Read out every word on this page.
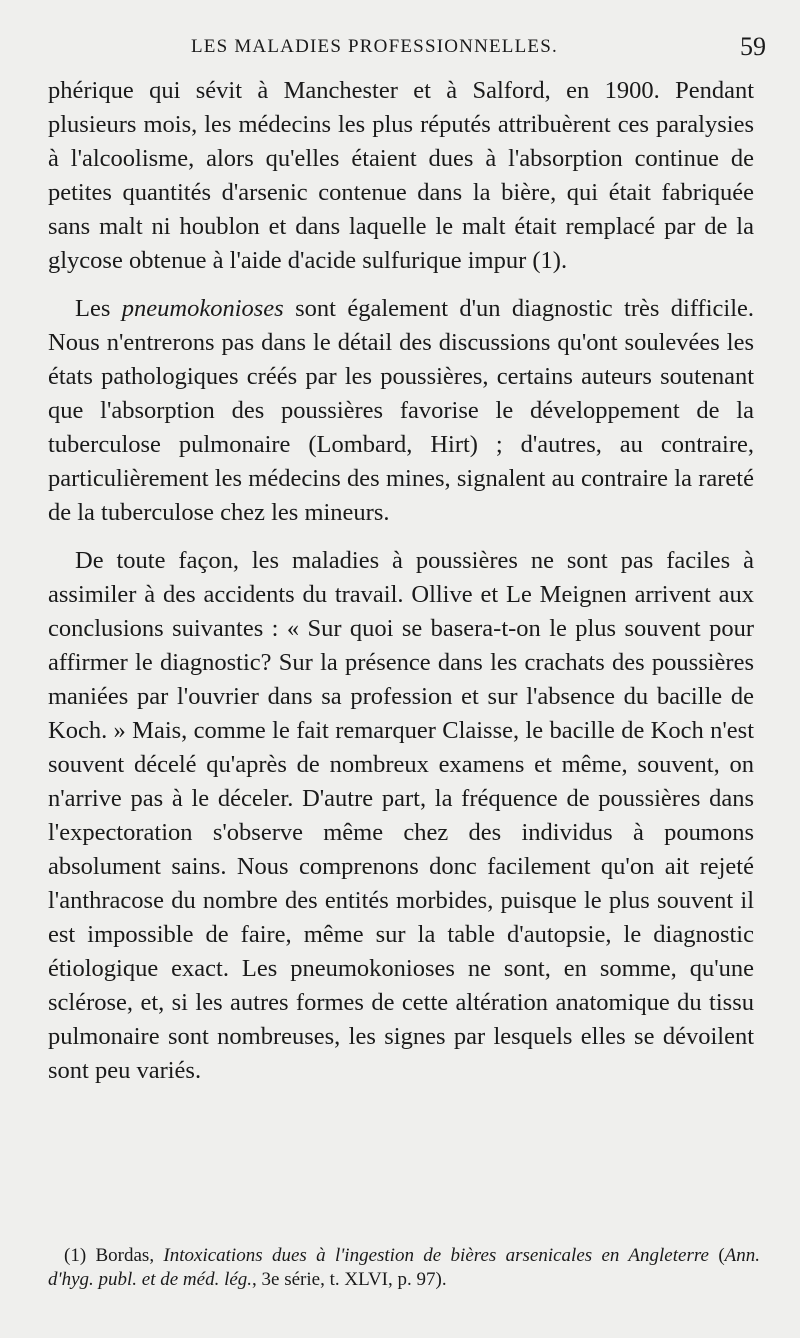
LES MALADIES PROFESSIONNELLES.	59

phérique qui sévit à Manchester et à Salford, en 1900. Pendant plusieurs mois, les médecins les plus réputés attribuèrent ces paralysies à l'alcoolisme, alors qu'elles étaient dues à l'absorption continue de petites quantités d'arsenic contenue dans la bière, qui était fabriquée sans malt ni houblon et dans laquelle le malt était remplacé par de la glycose obtenue à l'aide d'acide sulfurique impur (1).

Les pneumokonioses sont également d'un diagnostic très difficile. Nous n'entrerons pas dans le détail des discussions qu'ont soulevées les états pathologiques créés par les poussières, certains auteurs soutenant que l'absorption des poussières favorise le développement de la tuberculose pulmonaire (Lombard, Hirt) ; d'autres, au contraire, particulièrement les médecins des mines, signalent au contraire la rareté de la tuberculose chez les mineurs.

De toute façon, les maladies à poussières ne sont pas faciles à assimiler à des accidents du travail. Ollive et Le Meignen arrivent aux conclusions suivantes : « Sur quoi se basera-t-on le plus souvent pour affirmer le diagnostic? Sur la présence dans les crachats des poussières maniées par l'ouvrier dans sa profession et sur l'absence du bacille de Koch. » Mais, comme le fait remarquer Claisse, le bacille de Koch n'est souvent décelé qu'après de nombreux examens et même, souvent, on n'arrive pas à le déceler. D'autre part, la fréquence de poussières dans l'expectoration s'observe même chez des individus à poumons absolument sains. Nous comprenons donc facilement qu'on ait rejeté l'anthracose du nombre des entités morbides, puisque le plus souvent il est impossible de faire, même sur la table d'autopsie, le diagnostic étiologique exact. Les pneumokonioses ne sont, en somme, qu'une sclérose, et, si les autres formes de cette altération anatomique du tissu pulmonaire sont nombreuses, les signes par lesquels elles se dévoilent sont peu variés.

(1) Bordas, Intoxications dues à l'ingestion de bières arsenicales en Angleterre (Ann. d'hyg. publ. et de méd. lég., 3e série, t. XLVI, p. 97).
